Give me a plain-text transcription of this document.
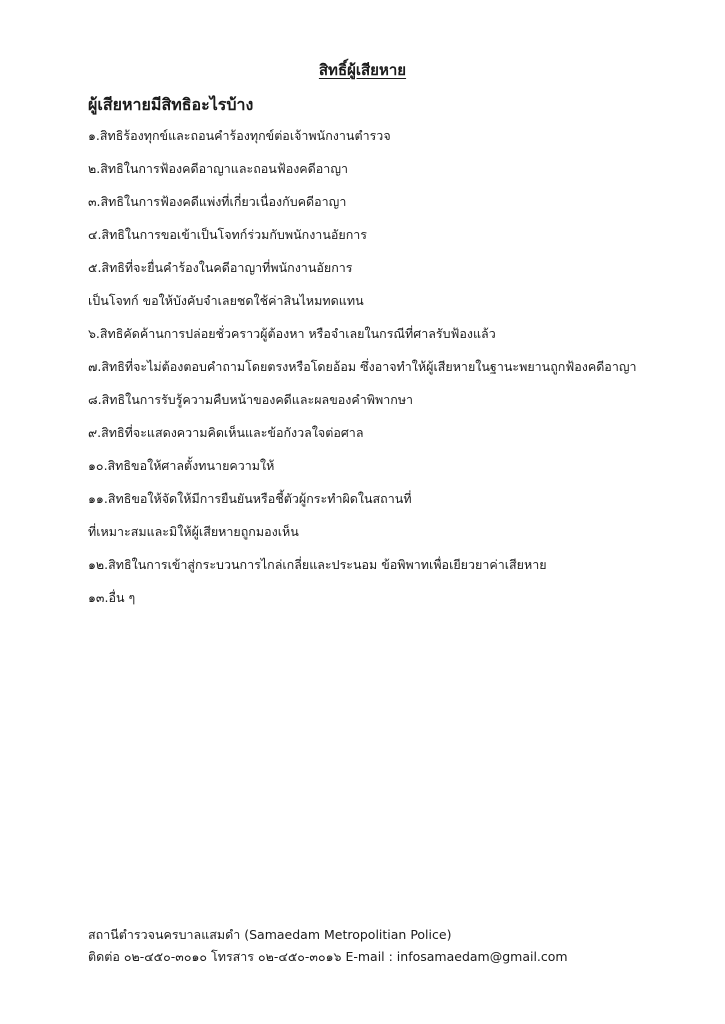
สิทธิ์ผู้เสียหาย
ผู้เสียหายมีสิทธิอะไรบ้าง
๑.สิทธิร้องทุกข์และถอนคำร้องทุกข์ต่อเจ้าพนักงานตำรวจ
๒.สิทธิในการฟ้องคดีอาญาและถอนฟ้องคดีอาญา
๓.สิทธิในการฟ้องคดีแพ่งที่เกี่ยวเนื่องกับคดีอาญา
๔.สิทธิในการขอเข้าเป็นโจทก์ร่วมกับพนักงานอัยการ
๕.สิทธิที่จะยื่นคำร้องในคดีอาญาที่พนักงานอัยการ
เป็นโจทก์ ขอให้บังคับจำเลยชดใช้ค่าสินไหมทดแทน
๖.สิทธิคัดค้านการปล่อยชั่วคราวผู้ต้องหา หรือจำเลยในกรณีที่ศาลรับฟ้องแล้ว
๗.สิทธิที่จะไม่ต้องตอบคำถามโดยตรงหรือโดยอ้อม ซึ่งอาจทำให้ผู้เสียหายในฐานะพยานถูกฟ้องคดีอาญา
๘.สิทธิในการรับรู้ความคืบหน้าของคดีและผลของคำพิพากษา
๙.สิทธิที่จะแสดงความคิดเห็นและข้อกังวลใจต่อศาล
๑๐.สิทธิขอให้ศาลตั้งทนายความให้
๑๑.สิทธิขอให้จัดให้มีการยืนยันหรือชี้ตัวผู้กระทำผิดในสถานที่
ที่เหมาะสมและมิให้ผู้เสียหายถูกมองเห็น
๑๒.สิทธิในการเข้าสู่กระบวนการไกล่เกลี่ยและประนอม ข้อพิพาทเพื่อเยียวยาค่าเสียหาย
๑๓.อื่น ๆ
สถานีตำรวจนครบาลแสมดำ (Samaedam Metropolitian Police)
ติดต่อ ๐๒-๔๕๐-๓๐๑๐ โทรสาร ๐๒-๔๕๐-๓๐๑๖ E-mail : infosamaedam@gmail.com
